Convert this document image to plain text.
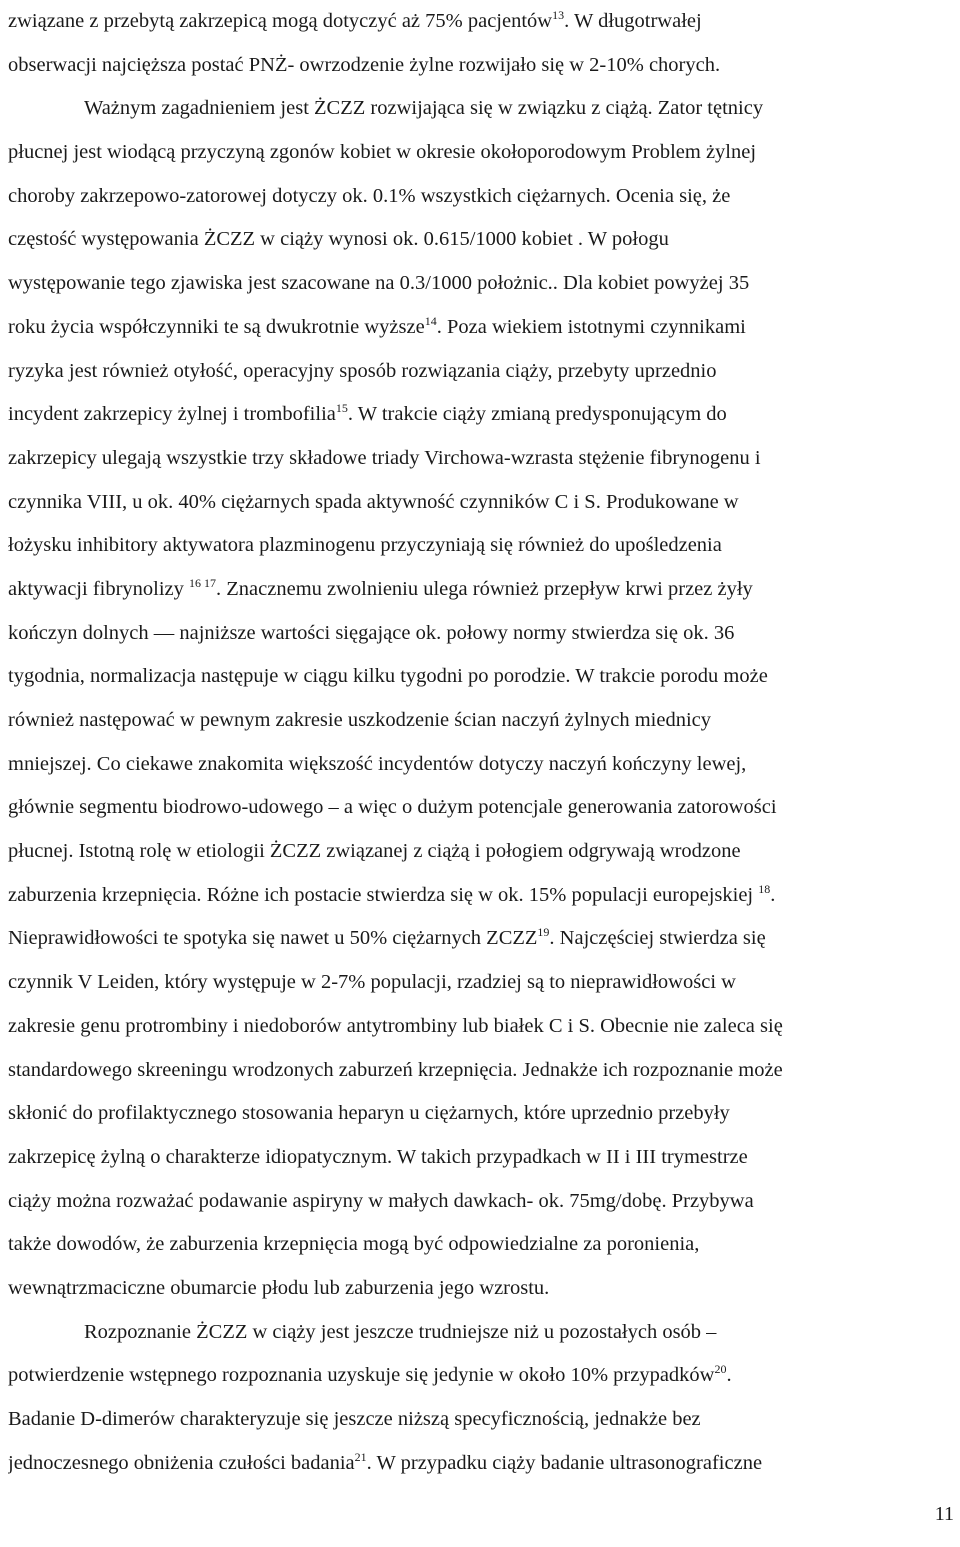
związane z przebytą zakrzepicą mogą dotyczyć aż 75% pacjentów$^{13}$. W długotrwałej
obserwacji najcięższa postać PNŻ- owrzodzenie żylne rozwijało się w 2-10% chorych.
Ważnym zagadnieniem jest ŻCZZ rozwijająca się w związku z ciążą. Zator tętnicy
płucnej jest wiodącą przyczyną zgonów kobiet w okresie okołoporodowym Problem żylnej
choroby zakrzepowo-zatorowej dotyczy ok. 0.1% wszystkich ciężarnych. Ocenia się, że
częstość występowania ŻCZZ w ciąży wynosi ok. 0.615/1000 kobiet . W połogu
występowanie tego zjawiska jest szacowane na 0.3/1000 położnic.. Dla kobiet powyżej 35
roku życia współczynniki te są dwukrotnie wyższe$^{14}$. Poza wiekiem istotnymi czynnikami
ryzyka jest również otyłość, operacyjny sposób rozwiązania ciąży, przebyty uprzednio
incydent zakrzepicy żylnej i trombofilia$^{15}$. W trakcie ciąży zmianą predysponującym do
zakrzepicy ulegają wszystkie trzy składowe triady Virchowa-wzrasta stężenie fibrynogenu i
czynnika VIII, u ok. 40% ciężarnych spada aktywność czynników C i S. Produkowane w
łożysku inhibitory aktywatora plazminogenu przyczyniają się również do upośledzenia
aktywacji fibrynolizy $^{16 17}$. Znacznemu zwolnieniu ulega również przepływ krwi przez żyły
kończyn dolnych — najniższe wartości sięgające ok. połowy normy stwierdza się ok. 36
tygodnia, normalizacja następuje w ciągu kilku tygodni po porodzie. W trakcie porodu może
również następować w pewnym zakresie uszkodzenie ścian naczyń żylnych miednicy
mniejszej. Co ciekawe znakomita większość incydentów dotyczy naczyń kończyny lewej,
głównie segmentu biodrowo-udowego – a więc o dużym potencjale generowania zatorowości
płucnej. Istotną rolę w etiologii ŻCZZ związanej z ciążą i połogiem odgrywają wrodzone
zaburzenia krzepnięcia. Różne ich postacie stwierdza się w ok. 15% populacji europejskiej $^{18}$.
Nieprawidłowości te spotyka się nawet u 50% ciężarnych ZCZZ$^{19}$. Najczęściej stwierdza się
czynnik V Leiden, który występuje w 2-7% populacji, rzadziej są to nieprawidłowości w
zakresie genu protrombiny i niedoborów antytrombiny lub białek C i S. Obecnie nie zaleca się
standardowego skreeningu wrodzonych zaburzeń krzepnięcia. Jednakże ich rozpoznanie może
skłonić do profilaktycznego stosowania heparyn u ciężarnych, które uprzednio przebyły
zakrzepicę żylną o charakterze idiopatycznym. W takich przypadkach w II i III trymestrze
ciąży można rozważać podawanie aspiryny w małych dawkach- ok. 75mg/dobę. Przybywa
także dowodów, że zaburzenia krzepnięcia mogą być odpowiedzialne za poronienia,
wewnątrzmaciczne obumarcie płodu lub zaburzenia jego wzrostu.
Rozpoznanie ŻCZZ w ciąży jest jeszcze trudniejsze niż u pozostałych osób –
potwierdzenie wstępnego rozpoznania uzyskuje się jedynie w około 10% przypadków$^{20}$.
Badanie D-dimerów charakteryzuje się jeszcze niższą specyficznością, jednakże bez
jednoczesnego obniżenia czułości badania$^{21}$. W przypadku ciąży badanie ultrasonograficzne
11
